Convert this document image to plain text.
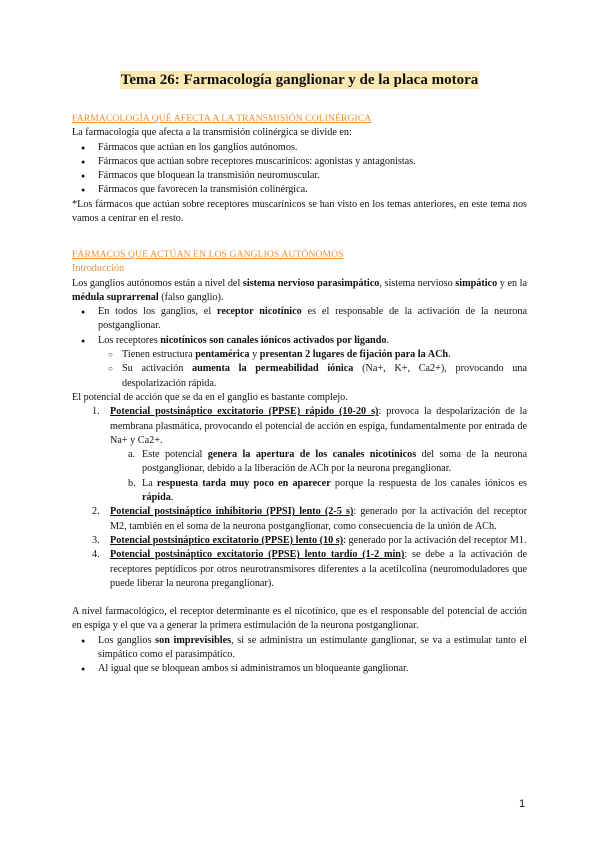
Tema 26: Farmacología ganglionar y de la placa motora

FARMACOLOGÍA QUÉ AFECTA A LA TRANSMISIÓN COLINÉRGICA

La farmacología que afecta a la transmisión colinérgica se divide en:

● Fármacos que actúan en los ganglios autónomos.
● Fármacos que actúan sobre receptores muscarínicos: agonistas y antagonistas.
● Fármacos que bloquean la transmisión neuromuscular.
● Fármacos que favorecen la transmisión colinérgica.

*Los fármacos que actúan sobre receptores muscarínicos se han visto en los temas anteriores, en este tema nos vamos a centrar en el resto.

FÁRMACOS QUE ACTÚAN EN LOS GANGLIOS AUTÓNOMOS

Introducción

Los ganglios autónomos están a nivel del sistema nervioso parasimpático, sistema nervioso simpático y en la médula suprarrenal (falso ganglio).

● En todos los ganglios, el receptor nicotínico es el responsable de la activación de la neurona postganglionar.
● Los receptores nicotínicos son canales iónicos activados por ligando.
○ Tienen estructura pentamérica y presentan 2 lugares de fijación para la ACh.
○ Su activación aumenta la permeabilidad iónica (Na+, K+, Ca2+), provocando una despolarización rápida.

El potencial de acción que se da en el ganglio es bastante complejo.

1. Potencial postsináptico excitatorio (PPSE) rápido (10-20 s): provoca la despolarización de la membrana plasmática, provocando el potencial de acción en espiga, fundamentalmente por entrada de Na+ y Ca2+.
a. Este potencial genera la apertura de los canales nicotínicos del soma de la neurona postganglionar, debido a la liberación de ACh por la neurona preganglionar.
b. La respuesta tarda muy poco en aparecer porque la respuesta de los canales iónicos es rápida.
2. Potencial postsináptico inhibitorio (PPSI) lento (2-5 s): generado por la activación del receptor M2, también en el soma de la neurona postganglionar, como consecuencia de la unión de ACh.
3. Potencial postsináptico excitatorio (PPSE) lento (10 s): generado por la activación del receptor M1.
4. Potencial postsináptico excitatorio (PPSE) lento tardío (1-2 min): se debe a la activación de receptores peptídicos por otros neurotransmisores diferentes a la acetilcolina (neuromoduladores que puede liberar la neurona preganglionar).

A nivel farmacológico, el receptor determinante es el nicotínico, que es el responsable del potencial de acción en espiga y el que va a generar la primera estimulación de la neurona postganglionar.

● Los ganglios son imprevisibles, si se administra un estimulante ganglionar, se va a estimular tanto el simpático como el parasimpático.
● Al igual que se bloquean ambos si administramos un bloqueante ganglionar.
1
